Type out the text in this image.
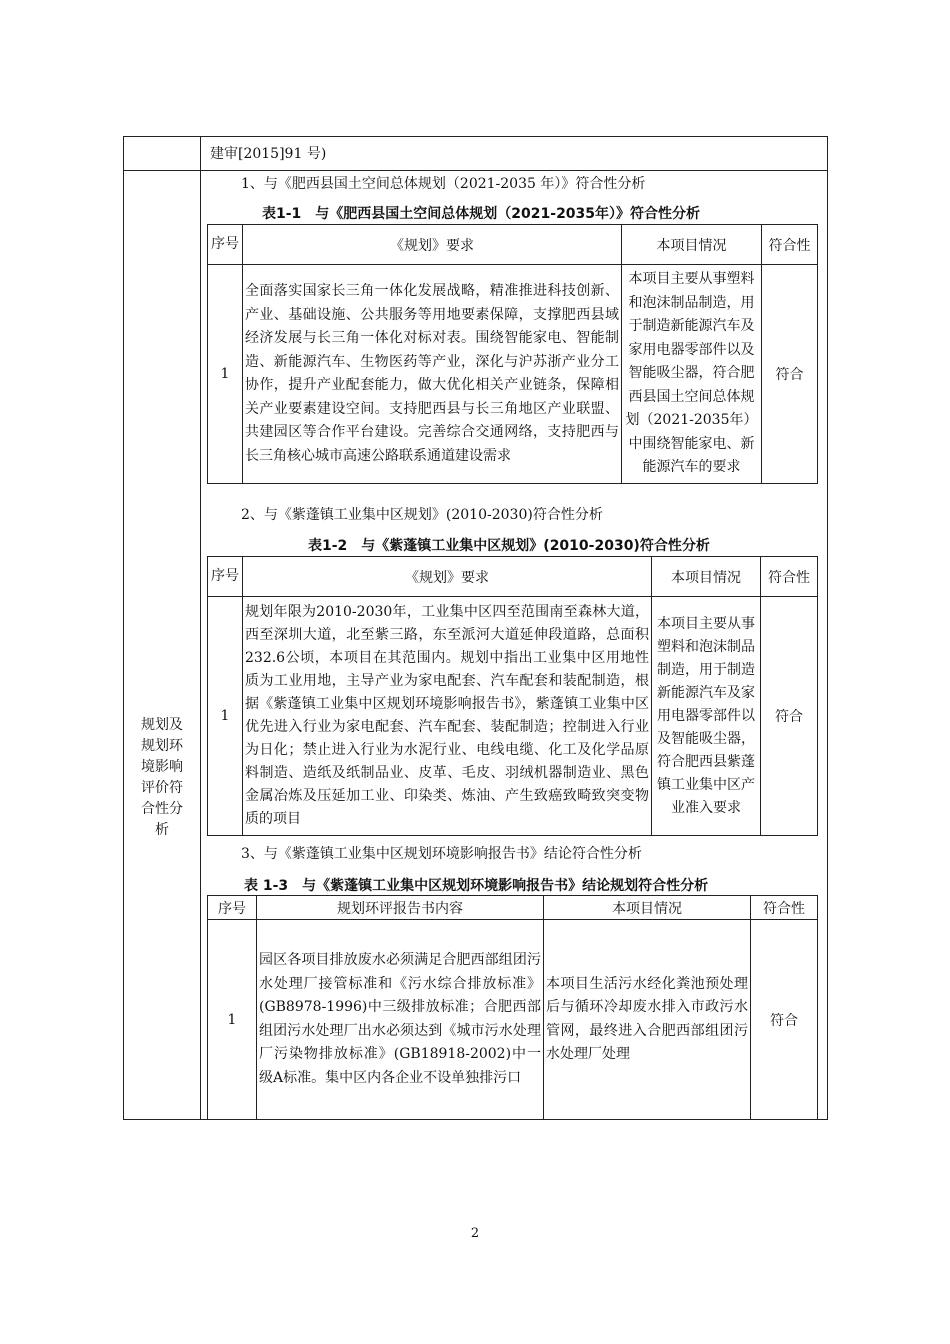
建审[2015]91 号)
规划及规划环境影响评价符合性分析
1、与《肥西县国土空间总体规划（2021-2035 年）》符合性分析
表1-1　与《肥西县国土空间总体规划（2021-2035年）》符合性分析
序号	《规划》要求	本项目情况	符合性
1	全面落实国家长三角一体化发展战略，精准推进科技创新、产业、基础设施、公共服务等用地要素保障，支撑肥西县域经济发展与长三角一体化对标对表。围绕智能家电、智能制造、新能源汽车、生物医药等产业，深化与沪苏浙产业分工协作，提升产业配套能力，做大优化相关产业链条，保障相关产业要素建设空间。支持肥西县与长三角地区产业联盟、共建园区等合作平台建设。完善综合交通网络，支持肥西与长三角核心城市高速公路联系通道建设需求	本项目主要从事塑料和泡沫制品制造，用于制造新能源汽车及家用电器零部件以及智能吸尘器，符合肥西县国土空间总体规划（2021-2035年）中围绕智能家电、新能源汽车的要求	符合
2、与《紫蓬镇工业集中区规划》(2010-2030)符合性分析
表1-2　与《紫蓬镇工业集中区规划》(2010-2030)符合性分析
序号	《规划》要求	本项目情况	符合性
1	规划年限为2010-2030年，工业集中区四至范围南至森林大道，西至深圳大道，北至紫三路，东至派河大道延伸段道路，总面积232.6公顷，本项目在其范围内。规划中指出工业集中区用地性质为工业用地，主导产业为家电配套、汽车配套和装配制造，根据《紫蓬镇工业集中区规划环境影响报告书》，紫蓬镇工业集中区优先进入行业为家电配套、汽车配套、装配制造；控制进入行业为日化；禁止进入行业为水泥行业、电线电缆、化工及化学品原料制造、造纸及纸制品业、皮革、毛皮、羽绒机器制造业、黑色金属冶炼及压延加工业、印染类、炼油、产生致癌致畸致突变物质的项目	本项目主要从事塑料和泡沫制品制造，用于制造新能源汽车及家用电器零部件以及智能吸尘器，符合肥西县紫蓬镇工业集中区产业准入要求	符合
3、与《紫蓬镇工业集中区规划环境影响报告书》结论符合性分析
表 1-3　与《紫蓬镇工业集中区规划环境影响报告书》结论规划符合性分析
序号	规划环评报告书内容	本项目情况	符合性
1	园区各项目排放废水必须满足合肥西部组团污水处理厂接管标准和《污水综合排放标准》(GB8978-1996)中三级排放标准；合肥西部组团污水处理厂出水必须达到《城市污水处理厂污染物排放标准》(GB18918-2002)中一级A标准。集中区内各企业不设单独排污口	本项目生活污水经化粪池预处理后与循环冷却废水排入市政污水管网，最终进入合肥西部组团污水处理厂处理	符合
2
